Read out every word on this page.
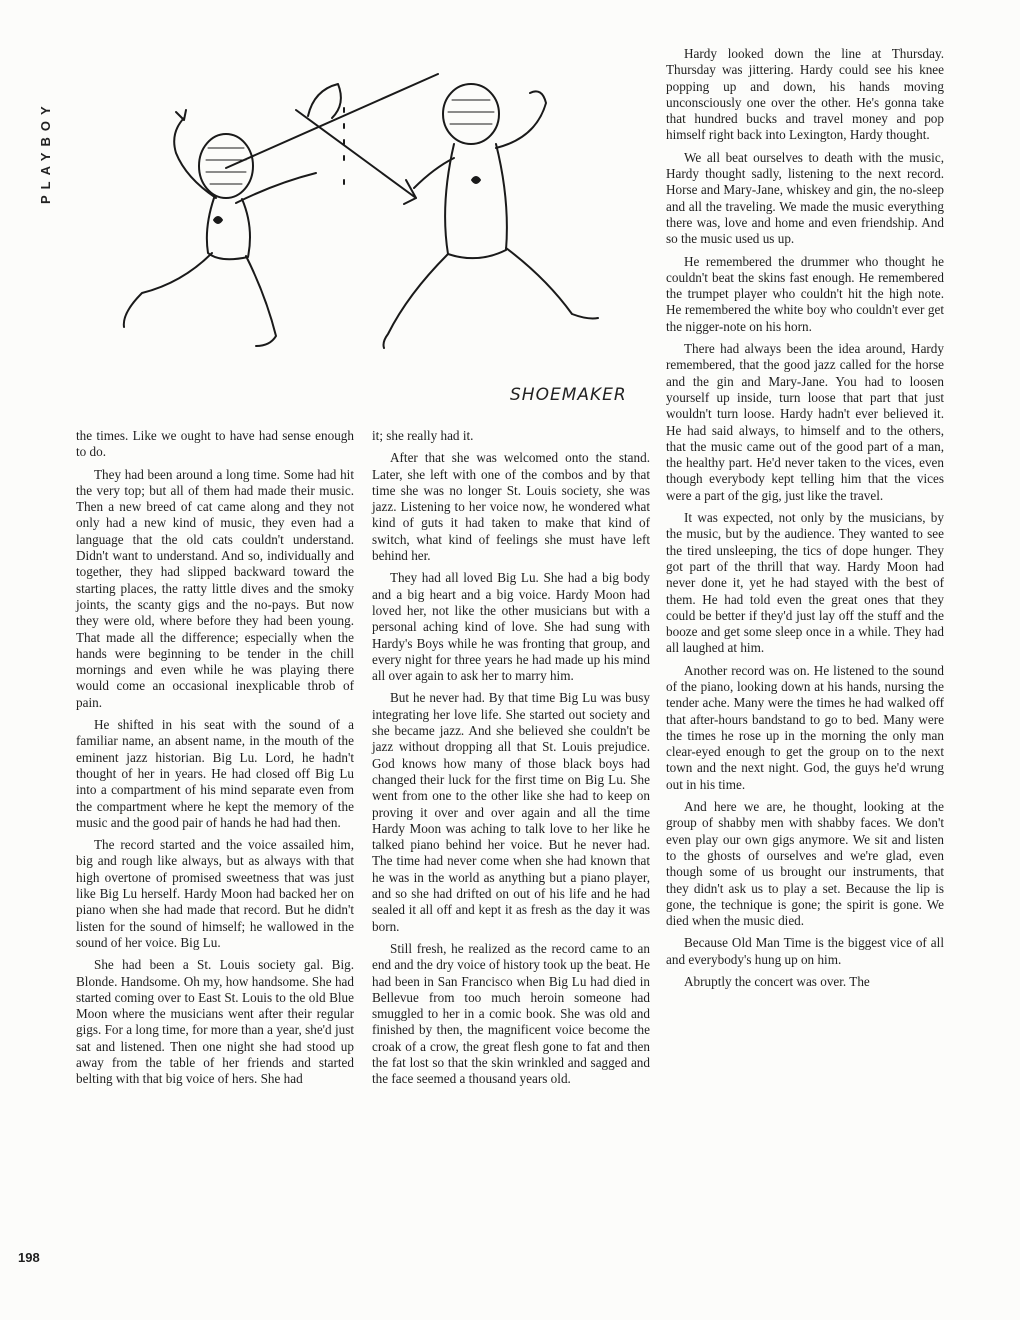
PLAYBOY
SHOEMAKER

the times. Like we ought to have had sense enough to do.

They had been around a long time. Some had hit the very top; but all of them had made their music. Then a new breed of cat came along and they not only had a new kind of music, they even had a language that the old cats couldn't understand. Didn't want to understand. And so, individually and together, they had slipped backward toward the starting places, the ratty little dives and the smoky joints, the scanty gigs and the no-pays. But now they were old, where before they had been young. That made all the difference; especially when the hands were beginning to be tender in the chill mornings and even while he was playing there would come an occasional inexplicable throb of pain.

He shifted in his seat with the sound of a familiar name, an absent name, in the mouth of the eminent jazz historian. Big Lu. Lord, he hadn't thought of her in years. He had closed off Big Lu into a compartment of his mind separate even from the compartment where he kept the memory of the music and the good pair of hands he had had then.

The record started and the voice assailed him, big and rough like always, but as always with that high overtone of promised sweetness that was just like Big Lu herself. Hardy Moon had backed her on piano when she had made that record. But he didn't listen for the sound of himself; he wallowed in the sound of her voice. Big Lu.

She had been a St. Louis society gal. Big. Blonde. Handsome. Oh my, how handsome. She had started coming over to East St. Louis to the old Blue Moon where the musicians went after their regular gigs. For a long time, for more than a year, she'd just sat and listened. Then one night she had stood up away from the table of her friends and started belting with that big voice of hers. She had

it; she really had it.

After that she was welcomed onto the stand. Later, she left with one of the combos and by that time she was no longer St. Louis society, she was jazz. Listening to her voice now, he wondered what kind of guts it had taken to make that kind of switch, what kind of feelings she must have left behind her.

They had all loved Big Lu. She had a big body and a big heart and a big voice. Hardy Moon had loved her, not like the other musicians but with a personal aching kind of love. She had sung with Hardy's Boys while he was fronting that group, and every night for three years he had made up his mind all over again to ask her to marry him.

But he never had. By that time Big Lu was busy integrating her love life. She started out society and she became jazz. And she believed she couldn't be jazz without dropping all that St. Louis prejudice. God knows how many of those black boys had changed their luck for the first time on Big Lu. She went from one to the other like she had to keep on proving it over and over again and all the time Hardy Moon was aching to talk love to her like he talked piano behind her voice. But he never had. The time had never come when she had known that he was in the world as anything but a piano player, and so she had drifted on out of his life and he had sealed it all off and kept it as fresh as the day it was born.

Still fresh, he realized as the record came to an end and the dry voice of history took up the beat. He had been in San Francisco when Big Lu had died in Bellevue from too much heroin someone had smuggled to her in a comic book. She was old and finished by then, the magnificent voice become the croak of a crow, the great flesh gone to fat and then the fat lost so that the skin wrinkled and sagged and the face seemed a thousand years old.

Hardy looked down the line at Thursday. Thursday was jittering. Hardy could see his knee popping up and down, his hands moving unconsciously one over the other. He's gonna take that hundred bucks and travel money and pop himself right back into Lexington, Hardy thought.

We all beat ourselves to death with the music, Hardy thought sadly, listening to the next record. Horse and Mary-Jane, whiskey and gin, the no-sleep and all the traveling. We made the music everything there was, love and home and even friendship. And so the music used us up.

He remembered the drummer who thought he couldn't beat the skins fast enough. He remembered the trumpet player who couldn't hit the high note. He remembered the white boy who couldn't ever get the nigger-note on his horn.

There had always been the idea around, Hardy remembered, that the good jazz called for the horse and the gin and Mary-Jane. You had to loosen yourself up inside, turn loose that part that just wouldn't turn loose. Hardy hadn't ever believed it. He had said always, to himself and to the others, that the music came out of the good part of a man, the healthy part. He'd never taken to the vices, even though everybody kept telling him that the vices were a part of the gig, just like the travel.

It was expected, not only by the musicians, by the music, but by the audience. They wanted to see the tired unsleeping, the tics of dope hunger. They got part of the thrill that way. Hardy Moon had never done it, yet he had stayed with the best of them. He had told even the great ones that they could be better if they'd just lay off the stuff and the booze and get some sleep once in a while. They had all laughed at him.

Another record was on. He listened to the sound of the piano, looking down at his hands, nursing the tender ache. Many were the times he had walked off that after-hours bandstand to go to bed. Many were the times he rose up in the morning the only man clear-eyed enough to get the group on to the next town and the next night. God, the guys he'd wrung out in his time.

And here we are, he thought, looking at the group of shabby men with shabby faces. We don't even play our own gigs anymore. We sit and listen to the ghosts of ourselves and we're glad, even though some of us brought our instruments, that they didn't ask us to play a set. Because the lip is gone, the technique is gone; the spirit is gone. We died when the music died.

Because Old Man Time is the biggest vice of all and everybody's hung up on him.

Abruptly the concert was over. The

198
